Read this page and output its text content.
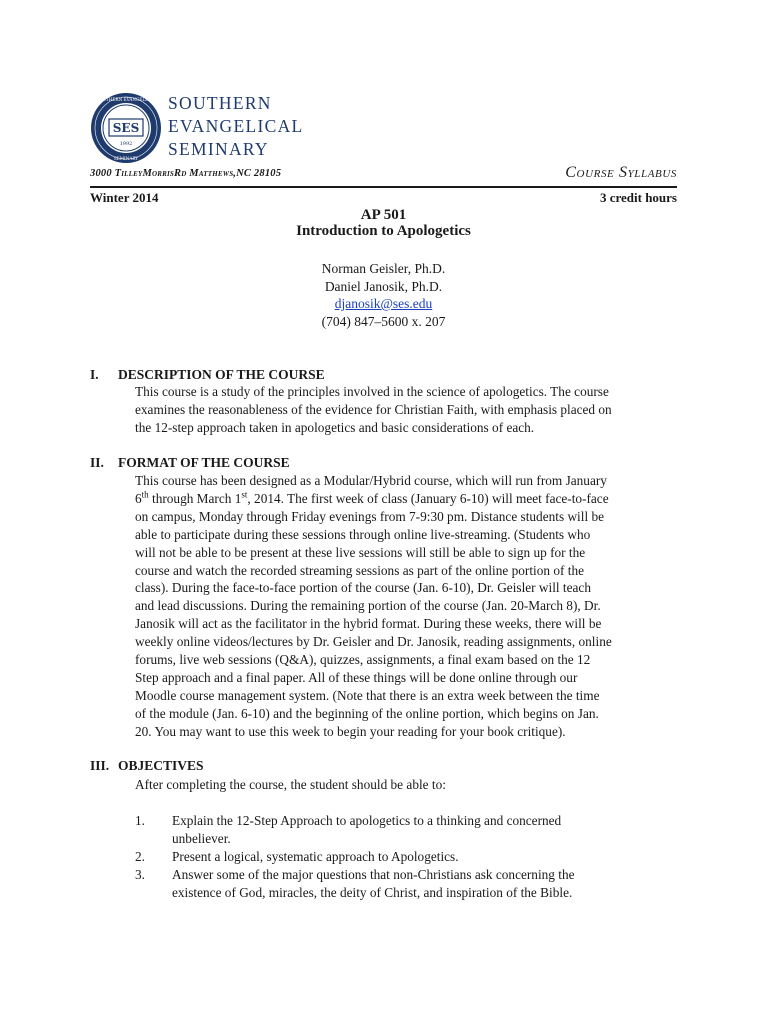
SOUTHERN EVANGELICAL
SEMINARY
SES
1992
SOUTHERN
EVANGELICAL
SEMINARY
3000 TilleyMorrisRd Matthews,NC 28105	Course Syllabus
Winter 2014	3 credit hours
AP 501
Introduction to Apologetics
Norman Geisler, Ph.D.
Daniel Janosik, Ph.D.
djanosik@ses.edu
(704) 847–5600 x. 207
I. DESCRIPTION OF THE COURSE
This course is a study of the principles involved in the science of apologetics. The course
examines the reasonableness of the evidence for Christian Faith, with emphasis placed on
the 12-step approach taken in apologetics and basic considerations of each.
II. FORMAT OF THE COURSE
This course has been designed as a Modular/Hybrid course, which will run from January
6th through March 1st, 2014. The first week of class (January 6-10) will meet face-to-face
on campus, Monday through Friday evenings from 7-9:30 pm. Distance students will be
able to participate during these sessions through online live-streaming. (Students who
will not be able to be present at these live sessions will still be able to sign up for the
course and watch the recorded streaming sessions as part of the online portion of the
class). During the face-to-face portion of the course (Jan. 6-10), Dr. Geisler will teach
and lead discussions. During the remaining portion of the course (Jan. 20-March 8), Dr.
Janosik will act as the facilitator in the hybrid format. During these weeks, there will be
weekly online videos/lectures by Dr. Geisler and Dr. Janosik, reading assignments, online
forums, live web sessions (Q&A), quizzes, assignments, a final exam based on the 12
Step approach and a final paper. All of these things will be done online through our
Moodle course management system. (Note that there is an extra week between the time
of the module (Jan. 6-10) and the beginning of the online portion, which begins on Jan.
20. You may want to use this week to begin your reading for your book critique).
III. OBJECTIVES
After completing the course, the student should be able to:
1. Explain the 12-Step Approach to apologetics to a thinking and concerned
unbeliever.
2. Present a logical, systematic approach to Apologetics.
3. Answer some of the major questions that non-Christians ask concerning the
existence of God, miracles, the deity of Christ, and inspiration of the Bible.
